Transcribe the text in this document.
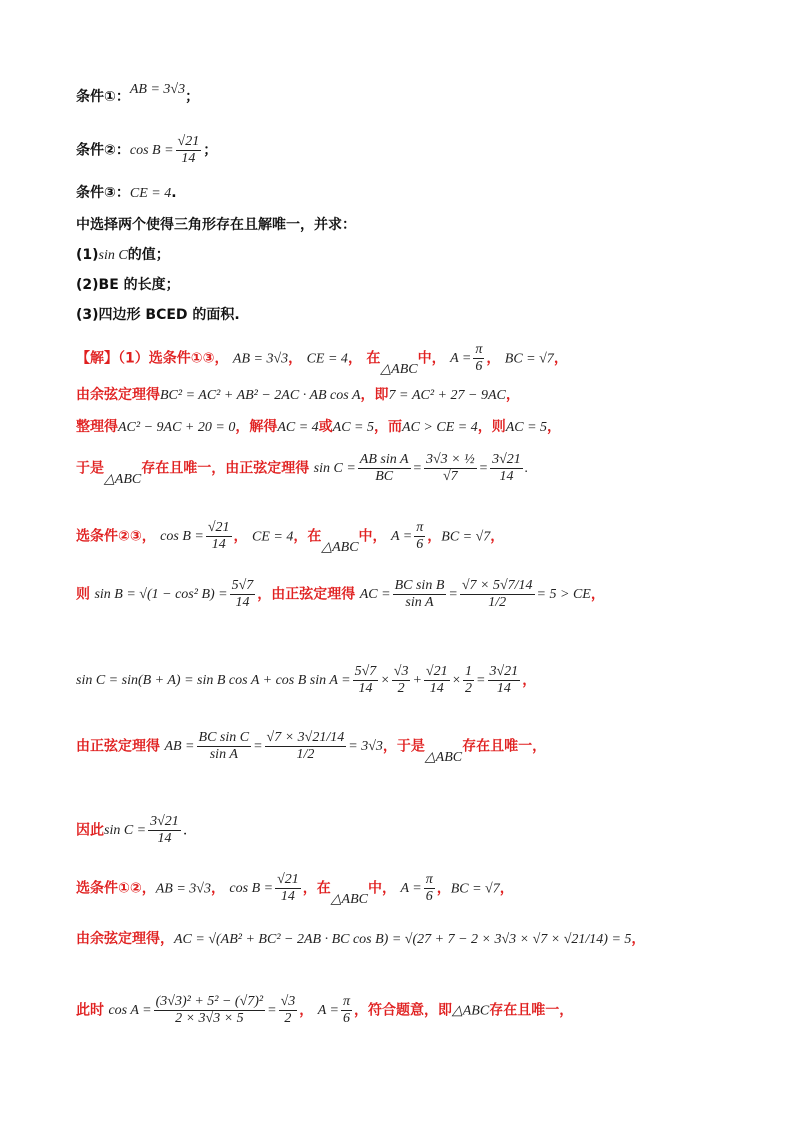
条件①：AB = 3√3；
条件②： $\cos B = \frac{√21}{14}$ ；
条件③：CE = 4.
中选择两个使得三角形存在且解唯一，并求：
(1)sin C的值；
(2)BE 的长度；
(3)四边形 BCED 的面积.
【解】（1）选条件①③， AB = 3√3， CE = 4， 在△ABC中， $A = \frac{\pi}{6}$ ， BC = √7，
由余弦定理得BC² = AC² + AB² − 2AC · AB cos A，即7 = AC² + 27 − 9AC，
整理得AC² − 9AC + 20 = 0，解得AC = 4或AC = 5，而AC > CE = 4，则AC = 5，
于是△ABC存在且唯一，由正弦定理得 $\sin C = \frac{\text{AB sin A}}{BC} = \frac{\text{3√3 × ½}}{√7} = \frac{3√21}{14}$ .
选条件②③， $\cos B = \frac{√21}{14}$ ， CE = 4，在△ABC中， $A = \frac{\pi}{6}$ ，BC = √7，
则 sin B = √(1 − cos² $B) = \frac{5√7}{14}$ ，由正弦定理得 AC = $\frac{\text{BC sin B}}{\text{sin A}} = \frac{√7 \times 5√7/14}{1/2} = 5$ > CE ，
sin C = sin(B + A) = sin B cos A + cos B $\sin A = \frac{5√7}{14} \times \frac{√3}{2} + \frac{√21}{14} \times \frac{1}{2} = \frac{3√21}{14}$ ，
由正弦定理得 AB = $\frac{\text{BC sin C}}{\text{sin A}} = \frac{√7 \times 3√21/14}{1/2} = 3√3$ ，于是△ABC存在且唯一，
因此 $\sin C = \frac{3√21}{14}$ .
选条件①②，AB = 3√3， $\cos B = \frac{√21}{14}$ ，在△ABC中， $A = \frac{\pi}{6}$ ，BC = √7，
由余弦定理得，AC = √(AB² + BC² − 2AB · BC cos B) = √(27 + 7 − 2 × 3√3 × √7 × √21/14) = 5，
此时 $\cos A = \frac{\text{(3√3)² + 5² − (√7)²}}{2 \times 3√3 \times 5} = \frac{√3}{2}$ ， $A = \frac{\pi}{6}$ ，符合题意，即△ABC存在且唯一，
